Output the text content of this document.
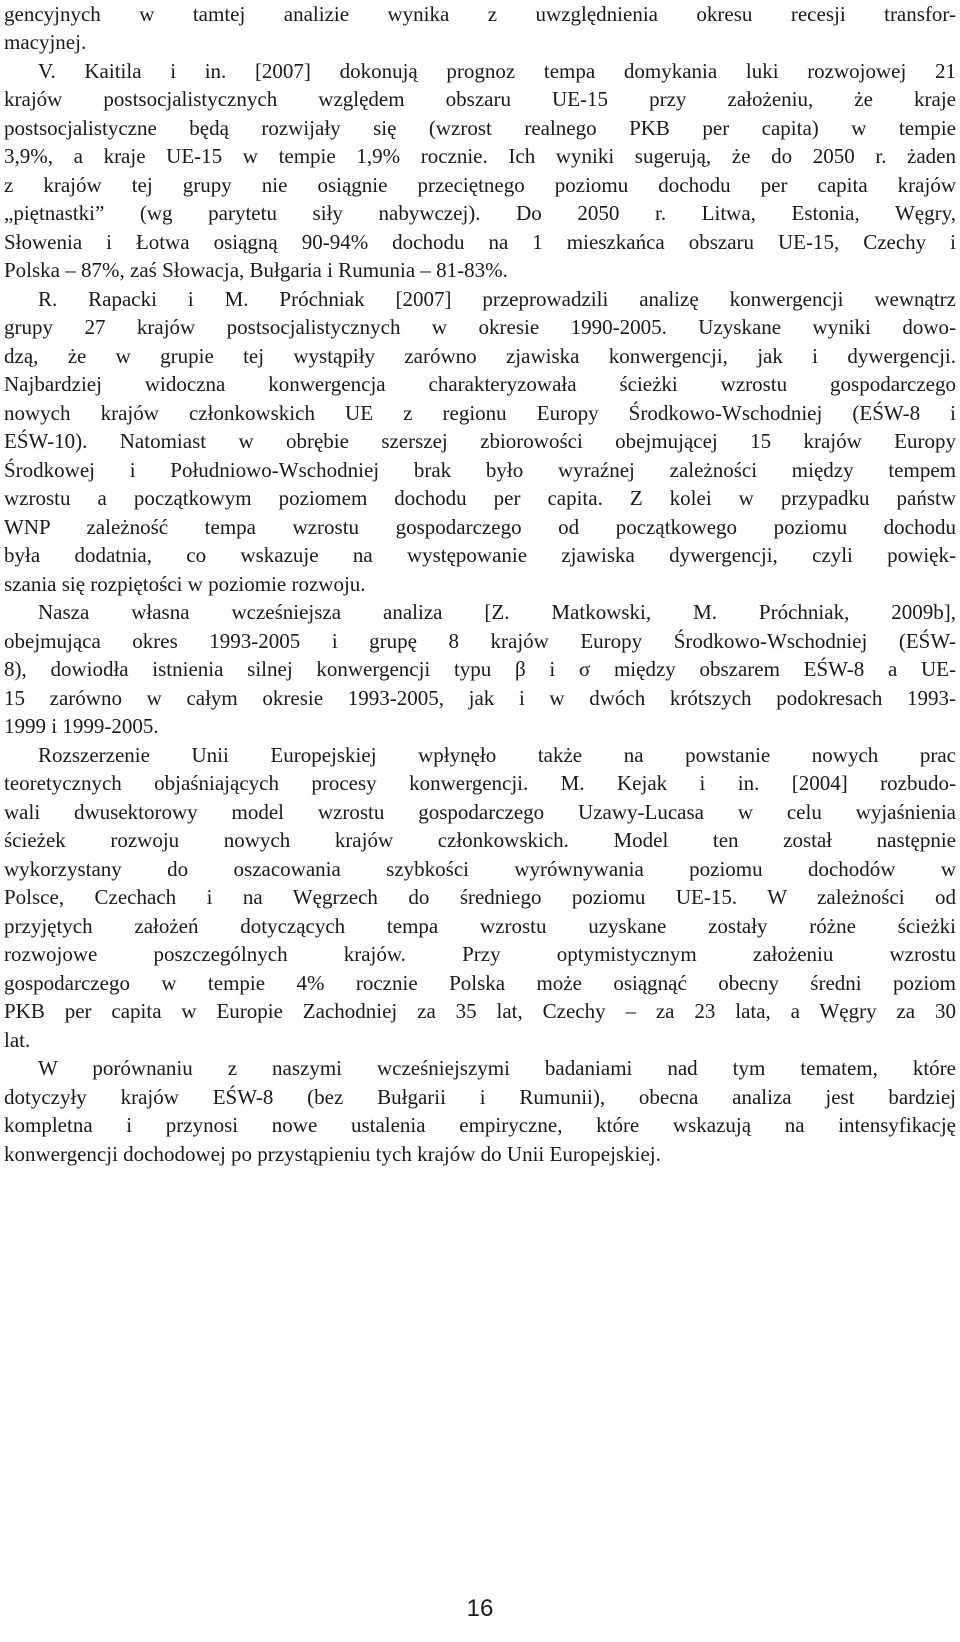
gencyjnych w tamtej analizie wynika z uwzględnienia okresu recesji transfor-
macyjnej.
V. Kaitila i in. [2007] dokonują prognoz tempa domykania luki rozwojowej 21
krajów postsocjalistycznych względem obszaru UE-15 przy założeniu, że kraje
postsocjalistyczne będą rozwijały się (wzrost realnego PKB per capita) w tempie
3,9%, a kraje UE-15 w tempie 1,9% rocznie. Ich wyniki sugerują, że do 2050 r. żaden
z krajów tej grupy nie osiągnie przeciętnego poziomu dochodu per capita krajów
„piętnastki” (wg parytetu siły nabywczej). Do 2050 r. Litwa, Estonia, Węgry,
Słowenia i Łotwa osiągną 90-94% dochodu na 1 mieszkańca obszaru UE-15, Czechy i
Polska – 87%, zaś Słowacja, Bułgaria i Rumunia – 81-83%.
R. Rapacki i M. Próchniak [2007] przeprowadzili analizę konwergencji wewnątrz
grupy 27 krajów postsocjalistycznych w okresie 1990-2005. Uzyskane wyniki dowo-
dzą, że w grupie tej wystąpiły zarówno zjawiska konwergencji, jak i dywergencji.
Najbardziej widoczna konwergencja charakteryzowała ścieżki wzrostu gospodarczego
nowych krajów członkowskich UE z regionu Europy Środkowo-Wschodniej (EŚW-8 i
EŚW-10). Natomiast w obrębie szerszej zbiorowości obejmującej 15 krajów Europy
Środkowej i Południowo-Wschodniej brak było wyraźnej zależności między tempem
wzrostu a początkowym poziomem dochodu per capita. Z kolei w przypadku państw
WNP zależność tempa wzrostu gospodarczego od początkowego poziomu dochodu
była dodatnia, co wskazuje na występowanie zjawiska dywergencji, czyli powięk-
szania się rozpiętości w poziomie rozwoju.
Nasza własna wcześniejsza analiza [Z. Matkowski, M. Próchniak, 2009b],
obejmująca okres 1993-2005 i grupę 8 krajów Europy Środkowo-Wschodniej (EŚW-
8), dowiodła istnienia silnej konwergencji typu β i σ między obszarem EŚW-8 a UE-
15 zarówno w całym okresie 1993-2005, jak i w dwóch krótszych podokresach 1993-
1999 i 1999-2005.
Rozszerzenie Unii Europejskiej wpłynęło także na powstanie nowych prac
teoretycznych objaśniających procesy konwergencji. M. Kejak i in. [2004] rozbudo-
wali dwusektorowy model wzrostu gospodarczego Uzawy-Lucasa w celu wyjaśnienia
ścieżek rozwoju nowych krajów członkowskich. Model ten został następnie
wykorzystany do oszacowania szybkości wyrównywania poziomu dochodów w
Polsce, Czechach i na Węgrzech do średniego poziomu UE-15. W zależności od
przyjętych założeń dotyczących tempa wzrostu uzyskane zostały różne ścieżki
rozwojowe poszczególnych krajów. Przy optymistycznym założeniu wzrostu
gospodarczego w tempie 4% rocznie Polska może osiągnąć obecny średni poziom
PKB per capita w Europie Zachodniej za 35 lat, Czechy – za 23 lata, a Węgry za 30
lat.
W porównaniu z naszymi wcześniejszymi badaniami nad tym tematem, które
dotyczyły krajów EŚW-8 (bez Bułgarii i Rumunii), obecna analiza jest bardziej
kompletna i przynosi nowe ustalenia empiryczne, które wskazują na intensyfikację
konwergencji dochodowej po przystąpieniu tych krajów do Unii Europejskiej.
16
